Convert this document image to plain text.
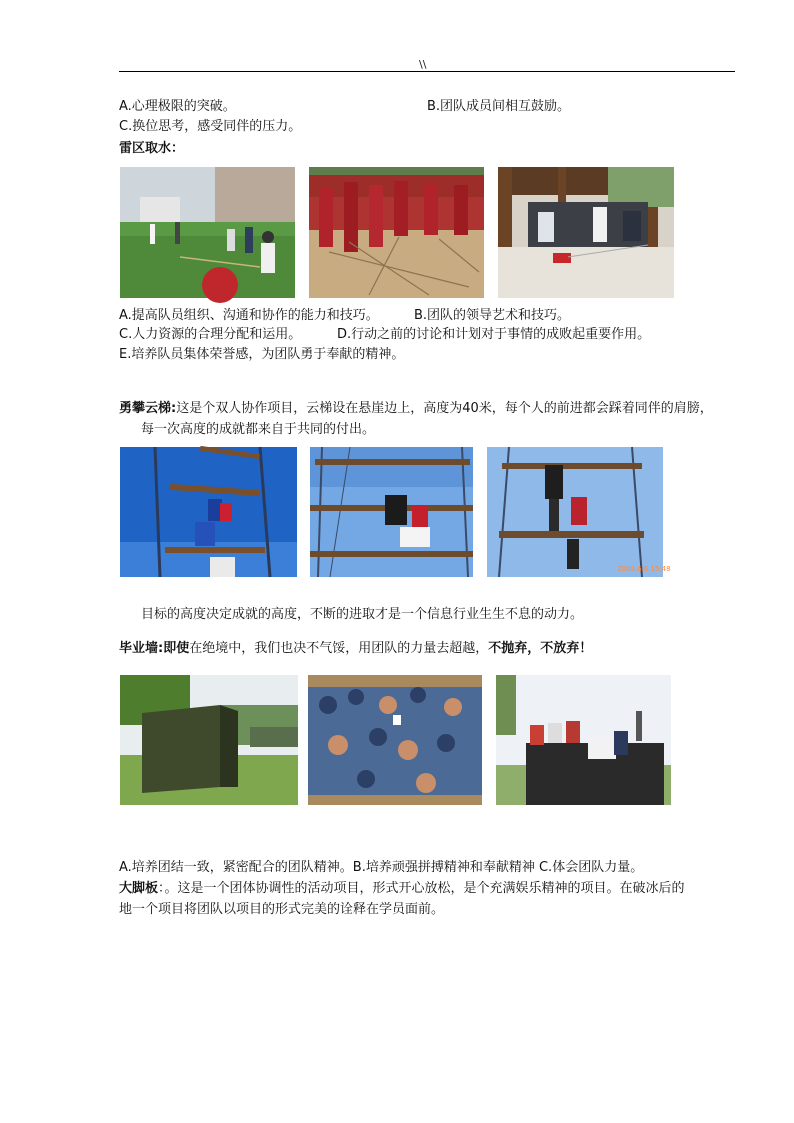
\\
A.心理极限的突破。	B.团队成员间相互鼓励。
C.换位思考，感受同伴的压力。
雷区取水：
A.提高队员组织、沟通和协作的能力和技巧。	B.团队的领导艺术和技巧。
C.人力资源的合理分配和运用。	D.行动之前的讨论和计划对于事情的成败起重要作用。
E.培养队员集体荣誉感，为团队勇于奉献的精神。
勇攀云梯:这是个双人协作项目，云梯设在悬崖边上，高度为40米，每个人的前进都会踩着同伴的肩膀，
每一次高度的成就都来自于共同的付出。
2009.6.6 15:48
目标的高度决定成就的高度，不断的进取才是一个信息行业生生不息的动力。
毕业墙:即使在绝境中，我们也决不气馁，用团队的力量去超越，不抛弃，不放弃！
A.培养团结一致，紧密配合的团队精神。B.培养顽强拼搏精神和奉献精神 C.体会团队力量。
大脚板：。这是一个团体协调性的活动项目，形式开心放松，是个充满娱乐精神的项目。在破冰后的
地一个项目将团队以项目的形式完美的诠释在学员面前。
